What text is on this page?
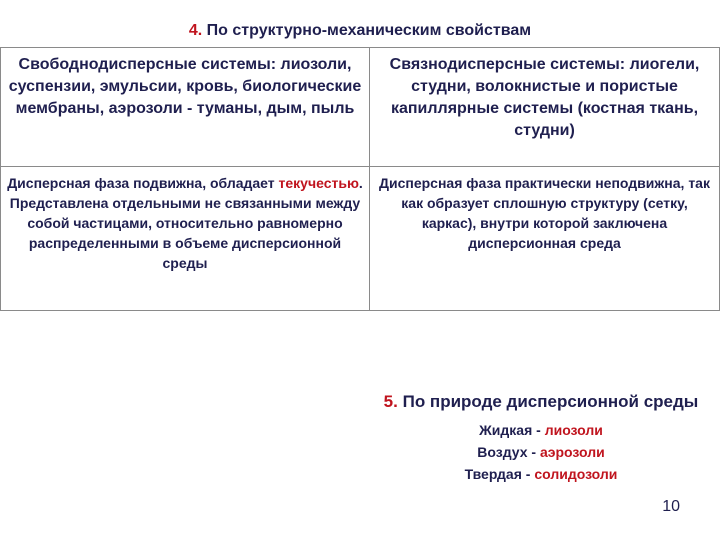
4. По структурно-механическим свойствам
Свободнодисперсные системы: лиозоли, суспензии, эмульсии, кровь, биологические мембраны, аэрозоли - туманы, дым, пыль	Связнодисперсные системы: лиогели, студни, волокнистые и пористые капиллярные системы (костная ткань, студни)
Дисперсная фаза подвижна, обладает текучестью. Представлена отдельными не связанными между собой частицами, относительно равномерно распределенными в объеме дисперсионной среды	Дисперсная фаза практически неподвижна, так как образует сплошную структуру (сетку, каркас), внутри которой заключена дисперсионная среда
5. По природе дисперсионной среды
Жидкая - лиозоли
Воздух - аэрозоли
Твердая - солидозоли
10
